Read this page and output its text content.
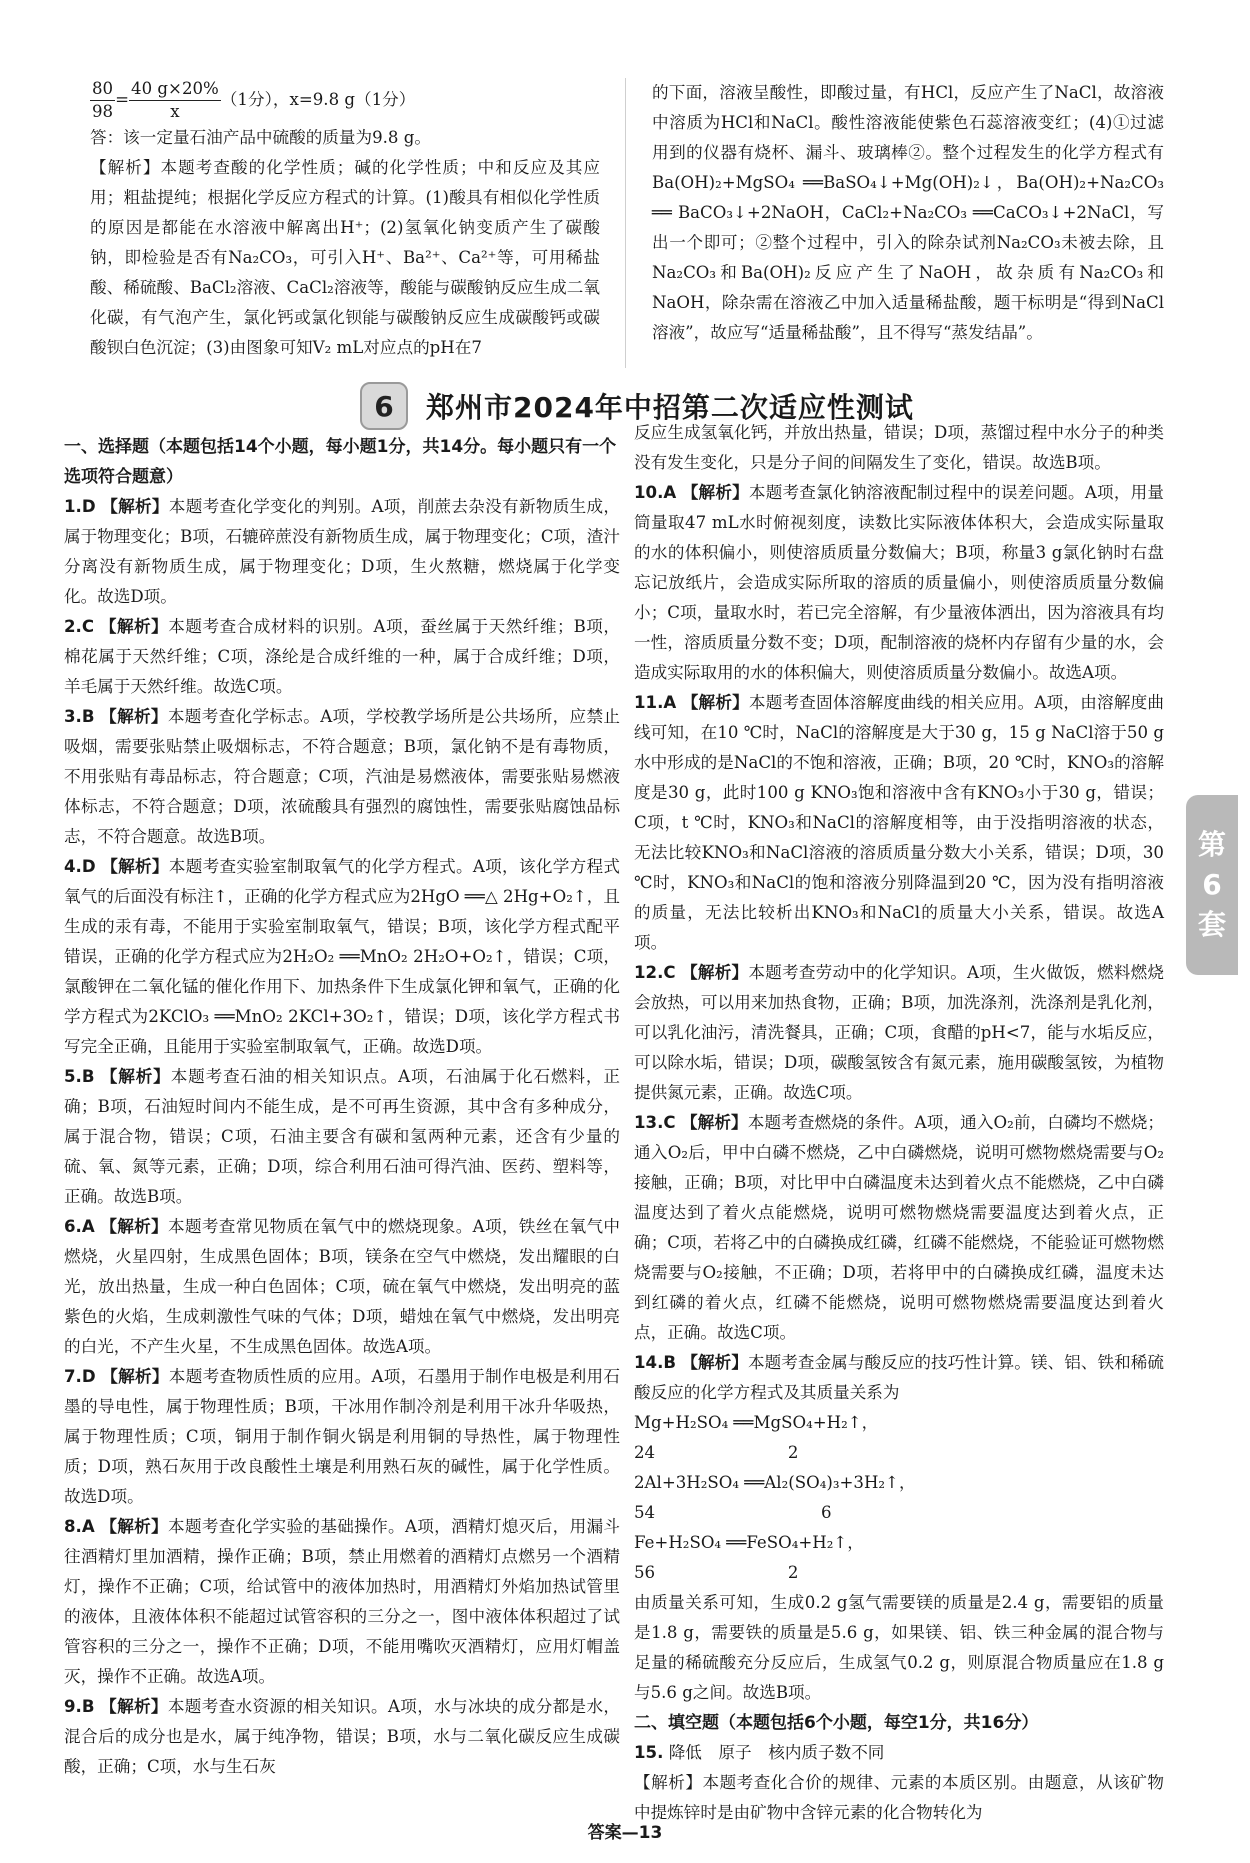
$\frac{80}{98} = \frac{40 g\times 20\%}{x} (1$分），x=9.8 g（1分）

答：该一定量石油产品中硫酸的质量为9.8 g。

【解析】本题考查酸的化学性质；碱的化学性质；中和反应及其应用；粗盐提纯；根据化学反应方程式的计算。(1)酸具有相似化学性质的原因是都能在水溶液中解离出H⁺；(2)氢氧化钠变质产生了碳酸钠，即检验是否有Na₂CO₃，可引入H⁺、Ba²⁺、Ca²⁺等，可用稀盐酸、稀硫酸、BaCl₂溶液、CaCl₂溶液等，酸能与碳酸钠反应生成二氧化碳，有气泡产生，氯化钙或氯化钡能与碳酸钠反应生成碳酸钙或碳酸钡白色沉淀；(3)由图象可知V₂ mL对应点的pH在7

的下面，溶液呈酸性，即酸过量，有HCl，反应产生了NaCl，故溶液中溶质为HCl和NaCl。酸性溶液能使紫色石蕊溶液变红；(4)①过滤用到的仪器有烧杯、漏斗、玻璃棒②。整个过程发生的化学方程式有Ba(OH)₂+MgSO₄ ══BaSO₄↓+Mg(OH)₂↓，Ba(OH)₂+Na₂CO₃ ══ BaCO₃↓+2NaOH，CaCl₂+Na₂CO₃ ══CaCO₃↓+2NaCl，写出一个即可；②整个过程中，引入的除杂试剂Na₂CO₃未被去除，且Na₂CO₃和Ba(OH)₂反应产生了NaOH，故杂质有Na₂CO₃和NaOH，除杂需在溶液乙中加入适量稀盐酸，题干标明是“得到NaCl溶液”，故应写“适量稀盐酸”，且不得写“蒸发结晶”。

6	郑州市2024年中招第二次适应性测试

一、选择题（本题包括14个小题，每小题1分，共14分。每小题只有一个选项符合题意）

1.D 【解析】本题考查化学变化的判别。A项，削蔗去杂没有新物质生成，属于物理变化；B项，石辘碎蔗没有新物质生成，属于物理变化；C项，渣汁分离没有新物质生成，属于物理变化；D项，生火熬糖，燃烧属于化学变化。故选D项。

2.C 【解析】本题考查合成材料的识别。A项，蚕丝属于天然纤维；B项，棉花属于天然纤维；C项，涤纶是合成纤维的一种，属于合成纤维；D项，羊毛属于天然纤维。故选C项。

3.B 【解析】本题考查化学标志。A项，学校教学场所是公共场所，应禁止吸烟，需要张贴禁止吸烟标志，不符合题意；B项，氯化钠不是有毒物质，不用张贴有毒品标志，符合题意；C项，汽油是易燃液体，需要张贴易燃液体标志，不符合题意；D项，浓硫酸具有强烈的腐蚀性，需要张贴腐蚀品标志，不符合题意。故选B项。

4.D 【解析】本题考查实验室制取氧气的化学方程式。A项，该化学方程式氧气的后面没有标注↑，正确的化学方程式应为2HgO ══△ 2Hg+O₂↑，且生成的汞有毒，不能用于实验室制取氧气，错误；B项，该化学方程式配平错误，正确的化学方程式应为2H₂O₂ ══MnO₂ 2H₂O+O₂↑，错误；C项，氯酸钾在二氧化锰的催化作用下、加热条件下生成氯化钾和氧气，正确的化学方程式为2KClO₃ ══MnO₂ 2KCl+3O₂↑，错误；D项，该化学方程式书写完全正确，且能用于实验室制取氧气，正确。故选D项。

5.B 【解析】本题考查石油的相关知识点。A项，石油属于化石燃料，正确；B项，石油短时间内不能生成，是不可再生资源，其中含有多种成分，属于混合物，错误；C项，石油主要含有碳和氢两种元素，还含有少量的硫、氧、氮等元素，正确；D项，综合利用石油可得汽油、医药、塑料等，正确。故选B项。

6.A 【解析】本题考查常见物质在氧气中的燃烧现象。A项，铁丝在氧气中燃烧，火星四射，生成黑色固体；B项，镁条在空气中燃烧，发出耀眼的白光，放出热量，生成一种白色固体；C项，硫在氧气中燃烧，发出明亮的蓝紫色的火焰，生成刺激性气味的气体；D项，蜡烛在氧气中燃烧，发出明亮的白光，不产生火星，不生成黑色固体。故选A项。

7.D 【解析】本题考查物质性质的应用。A项，石墨用于制作电极是利用石墨的导电性，属于物理性质；B项，干冰用作制冷剂是利用干冰升华吸热，属于物理性质；C项，铜用于制作铜火锅是利用铜的导热性，属于物理性质；D项，熟石灰用于改良酸性土壤是利用熟石灰的碱性，属于化学性质。故选D项。

8.A 【解析】本题考查化学实验的基础操作。A项，酒精灯熄灭后，用漏斗往酒精灯里加酒精，操作正确；B项，禁止用燃着的酒精灯点燃另一个酒精灯，操作不正确；C项，给试管中的液体加热时，用酒精灯外焰加热试管里的液体，且液体体积不能超过试管容积的三分之一，图中液体体积超过了试管容积的三分之一，操作不正确；D项，不能用嘴吹灭酒精灯，应用灯帽盖灭，操作不正确。故选A项。

9.B 【解析】本题考查水资源的相关知识。A项，水与冰块的成分都是水，混合后的成分也是水，属于纯净物，错误；B项，水与二氧化碳反应生成碳酸，正确；C项，水与生石灰

反应生成氢氧化钙，并放出热量，错误；D项，蒸馏过程中水分子的种类没有发生变化，只是分子间的间隔发生了变化，错误。故选B项。

10.A 【解析】本题考查氯化钠溶液配制过程中的误差问题。A项，用量筒量取47 mL水时俯视刻度，读数比实际液体体积大，会造成实际量取的水的体积偏小，则使溶质质量分数偏大；B项，称量3 g氯化钠时右盘忘记放纸片，会造成实际所取的溶质的质量偏小，则使溶质质量分数偏小；C项，量取水时，若已完全溶解，有少量液体洒出，因为溶液具有均一性，溶质质量分数不变；D项，配制溶液的烧杯内存留有少量的水，会造成实际取用的水的体积偏大，则使溶质质量分数偏小。故选A项。

11.A 【解析】本题考查固体溶解度曲线的相关应用。A项，由溶解度曲线可知，在10 ℃时，NaCl的溶解度是大于30 g，15 g NaCl溶于50 g水中形成的是NaCl的不饱和溶液，正确；B项，20 ℃时，KNO₃的溶解度是30 g，此时100 g KNO₃饱和溶液中含有KNO₃小于30 g，错误；C项，t ℃时，KNO₃和NaCl的溶解度相等，由于没指明溶液的状态，无法比较KNO₃和NaCl溶液的溶质质量分数大小关系，错误；D项，30 ℃时，KNO₃和NaCl的饱和溶液分别降温到20 ℃，因为没有指明溶液的质量，无法比较析出KNO₃和NaCl的质量大小关系，错误。故选A项。

12.C 【解析】本题考查劳动中的化学知识。A项，生火做饭，燃料燃烧会放热，可以用来加热食物，正确；B项，加洗涤剂，洗涤剂是乳化剂，可以乳化油污，清洗餐具，正确；C项，食醋的pH<7，能与水垢反应，可以除水垢，错误；D项，碳酸氢铵含有氮元素，施用碳酸氢铵，为植物提供氮元素，正确。故选C项。

13.C 【解析】本题考查燃烧的条件。A项，通入O₂前，白磷均不燃烧；通入O₂后，甲中白磷不燃烧，乙中白磷燃烧，说明可燃物燃烧需要与O₂接触，正确；B项，对比甲中白磷温度未达到着火点不能燃烧，乙中白磷温度达到了着火点能燃烧，说明可燃物燃烧需要温度达到着火点，正确；C项，若将乙中的白磷换成红磷，红磷不能燃烧，不能验证可燃物燃烧需要与O₂接触，不正确；D项，若将甲中的白磷换成红磷，温度未达到红磷的着火点，红磷不能燃烧，说明可燃物燃烧需要温度达到着火点，正确。故选C项。

14.B 【解析】本题考查金属与酸反应的技巧性计算。镁、铝、铁和稀硫酸反应的化学方程式及其质量关系为

Mg+H₂SO₄ ══MgSO₄+H₂↑，

24　　　　　　　　2

2Al+3H₂SO₄ ══Al₂(SO₄)₃+3H₂↑，

54　　　　　　　　　　6

Fe+H₂SO₄ ══FeSO₄+H₂↑，

56　　　　　　　　2

由质量关系可知，生成0.2 g氢气需要镁的质量是2.4 g，需要铝的质量是1.8 g，需要铁的质量是5.6 g，如果镁、铝、铁三种金属的混合物与足量的稀硫酸充分反应后，生成氢气0.2 g，则原混合物质量应在1.8 g与5.6 g之间。故选B项。

二、填空题（本题包括6个小题，每空1分，共16分）

15. 降低　原子　核内质子数不同

【解析】本题考查化合价的规律、元素的本质区别。由题意，从该矿物中提炼锌时是由矿物中含锌元素的化合物转化为

第
6
套
答案—13
